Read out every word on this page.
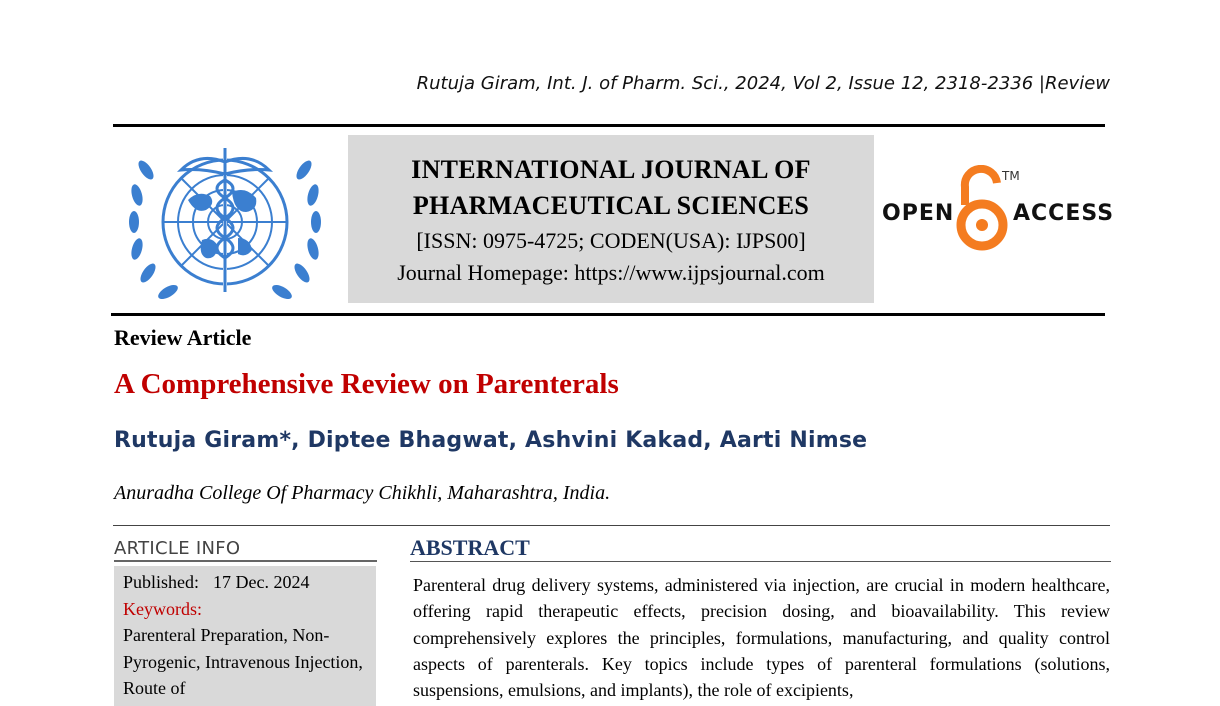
Rutuja Giram, Int. J. of Pharm. Sci., 2024, Vol 2, Issue 12, 2318-2336 |Review
INTERNATIONAL JOURNAL OF
PHARMACEUTICAL SCIENCES
[ISSN: 0975-4725; CODEN(USA): IJPS00]
Journal Homepage: https://www.ijpsjournal.com
OPEN
TM
ACCESS
Review Article
A Comprehensive Review on Parenterals
Rutuja Giram*, Diptee Bhagwat, Ashvini Kakad, Aarti Nimse
Anuradha College Of Pharmacy Chikhli, Maharashtra, India.
ARTICLE INFO
Published: 17 Dec. 2024
Keywords:
Parenteral Preparation, Non-Pyrogenic, Intravenous Injection, Route of
ABSTRACT
Parenteral drug delivery systems, administered via injection, are crucial in modern healthcare, offering rapid therapeutic effects, precision dosing, and bioavailability. This review comprehensively explores the principles, formulations, manufacturing, and quality control aspects of parenterals. Key topics include types of parenteral formulations (solutions, suspensions, emulsions, and implants), the role of excipients,
